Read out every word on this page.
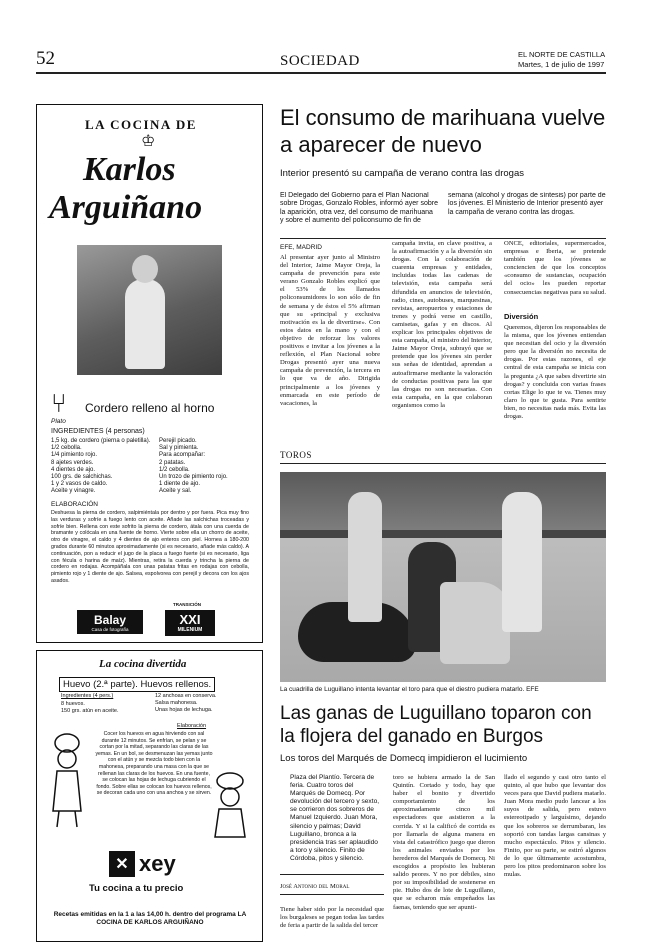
52	SOCIEDAD	EL NORTE DE CASTILLA
Martes, 1 de julio de 1997
LA COCINA DE
♔
Karlos
Arguiñano
⑂
Plato
Cordero relleno al horno
INGREDIENTES (4 personas)
1,5 kg. de cordero (pierna o paletilla).
1/2 cebolla.
1/4 pimiento rojo.
8 ajetes verdes.
4 dientes de ajo.
100 grs. de salchichas.
1 y 2 vasos de caldo.
Aceite y vinagre.
Perejil picado.
Sal y pimienta.
Para acompañar:
2 patatas.
1/2 cebolla.
Un trozo de pimiento rojo.
1 diente de ajo.
Aceite y sal.
ELABORACIÓN
Deshuesa la pierna de cordero, salpimiéntala por dentro y por fuera. Pica muy fino las verduras y sofríe a fuego lento con aceite. Añade las salchichas troceadas y sofríe bien. Rellena con este sofrito la pierna de cordero, átala con una cuerda de bramante y colócala en una fuente de horno. Vierte sobre ella un chorro de aceite, otro de vinagre, el caldo y 4 dientes de ajo enteros con piel. Hornea a 180-200 grados durante 60 minutos aproximadamente (si es necesario, añade más caldo). A continuación, pon a reducir el jugo de la placa a fuego fuerte (si es necesario, liga con fécula o harina de maíz). Mientras, retira la cuerda y trincha la pierna de cordero en rodajas. Acompáñala con unas patatas fritas en rodajas con cebolla, pimiento rojo y 1 diente de ajo. Salsea, espolvorea con perejil y decora con los ajos asados.
Balay
Casa de fotografía
TRANSICIÓN
XXI
MILENIUM
La cocina divertida
Huevo (2.ª parte). Huevos rellenos.
Ingredientes (4 pers.)
8 huevos.
150 grs. atún en aceite.
12 anchoas en conserva.
Salsa mahonesa.
Unas hojas de lechuga.
Elaboración
Cocer los huevos en agua hirviendo con sal durante 12 minutos. Se enfrían, se pelan y se cortan por la mitad, separando las claras de las yemas. En un bol, se desmenuzan las yemas junto con el atún y se mezcla todo bien con la mahonesa, preparando una masa con la que se rellenan las claras de los huevos. En una fuente, se colocan las hojas de lechuga cubriendo el fondo. Sobre ellas se colocan los huevos rellenos, se decoran cada uno con una anchoa y se sirven.
✕ xey
Tu cocina a tu precio
Recetas emitidas en la 1 a las 14,00 h. dentro del programa LA COCINA DE KARLOS ARGUIÑANO
El consumo de marihuana vuelve a aparecer de nuevo
Interior presentó su campaña de verano contra las drogas
El Delegado del Gobierno para el Plan Nacional sobre Drogas, Gonzalo Robles, informó ayer sobre la aparición, otra vez, del consumo de marihuana y sobre el aumento del policonsumo de fin de semana (alcohol y drogas de síntesis) por parte de los jóvenes. El Ministerio de Interior presentó ayer la campaña de verano contra las drogas.
EFE, MADRID
Al presentar ayer junto al Ministro del Interior, Jaime Mayor Oreja, la campaña de prevención para este verano Gonzalo Robles explicó que el 53% de los llamados policonsumidores lo son sólo de fin de semana y de éstos el 5% afirman que su «principal y exclusiva motivación es la de divertirse». Con estos datos en la mano y con el objetivo de reforzar los valores positivos e invitar a los jóvenes a la reflexión, el Plan Nacional sobre Drogas presentó ayer una nueva campaña de prevención, la tercera en lo que va de año. Dirigida principalmente a los jóvenes y enmarcada en este período de vacaciones, la
campaña invita, en clave positiva, a la autoafirmación y a la diversión sin drogas. Con la colaboración de cuarenta empresas y entidades, incluidas todas las cadenas de televisión, esta campaña será difundida en anuncios de televisión, radio, cines, autobuses, marquesinas, revistas, aeropuertos y estaciones de trenes y podrá verse en castillo, camisetas, gafas y en discos. Al explicar los principales objetivos de esta campaña, el ministro del Interior, Jaime Mayor Oreja, subrayó que se pretende que los jóvenes sin perder sus señas de identidad, aprendan a autoafirmarse mediante la valoración de conductas positivas para las que las drogas no son necesarias. Con esta campaña, en la que colaboran organismos como la
ONCE, editoriales, supermercados, empresas e Iberia, se pretende también que los jóvenes se conciencien de que los conceptos «consumo de sustancias, ocupación del ocio» les pueden reportar consecuencias negativas para su salud.
Diversión
Queremos, dijeron los responsables de la misma, que los jóvenes entiendan que necesitan del ocio y la diversión pero que la diversión no necesita de drogas. Por estas razones, el eje central de esta campaña se inicia con la pregunta ¿A que sabes divertirte sin drogas? y concluida con varias frases cortas Elige lo que te va. Tienes muy claro lo que te gusta. Para sentirte bien, no necesitas nada más. Evita las drogas.
TOROS
La cuadrilla de Luguillano intenta levantar el toro para que el diestro pudiera matarlo. EFE
Las ganas de Luguillano toparon con la flojera del ganado en Burgos
Los toros del Marqués de Domecq impidieron el lucimiento
Plaza del Plantío. Tercera de feria. Cuatro toros del Marqués de Domecq. Por devolución del tercero y sexto, se corrieron dos sobreros de Manuel Izquierdo. Juan Mora, silencio y palmas; David Luguillano, bronca a la presidencia tras ser aplaudido a toro y silencio. Finito de Córdoba, pitos y silencio.
José Antonio del Moral
Tiene haber sido por la necesidad que los burgaleses se pegan todas las tardes de feria a partir de la salida del tercer
toro se hubiera armado la de San Quintín. Cortado y todo, hay que haber el bonito y divertido comportamiento de los aproximadamente cinco mil espectadores que asistieron a la corrida. Y si la calificó de corrida es por llamarla de alguna manera en vista del catastrófico juego que dieron los animales enviados por los herederos del Marqués de Domecq. Ni escogidos a propósito les hubieran salido peores. Y no por débiles, sino por su imposibilidad de sostenerse en pie. Hubo dos de lote de Luguillano, que se echaron más empeñados las faenas, teniendo que ser apunti-
llado el segundo y casi otro tanto el quinto, al que hubo que levantar dos veces para que David pudiera matarlo. Juan Mora medio pudo lancear a los suyos de salida, pero estuvo estereotipado y larguísimo, dejando que los sobreros se derrumbaran, les soportó con tandas largas cansinas y mucho espectáculo. Pitos y silencio. Finito, por su parte, se estiró algunos de lo que últimamente acostumbra, pero los pitos predominaron sobre los mulas.
